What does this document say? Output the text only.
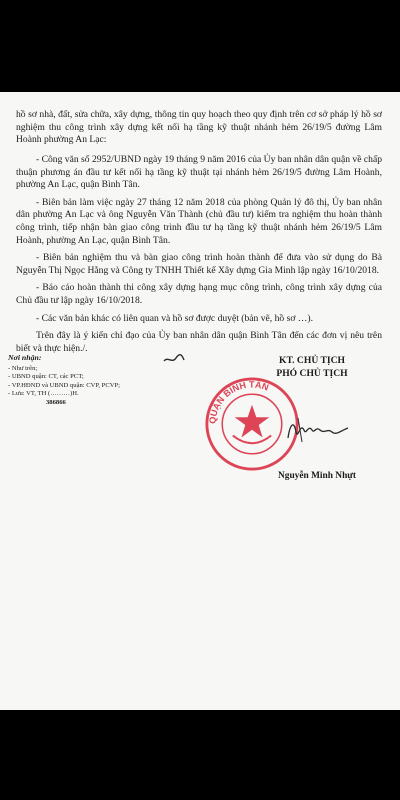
hồ sơ nhà, đất, sửa chữa, xây dựng, thông tin quy hoạch theo quy định trên cơ sở pháp lý hồ sơ nghiệm thu công trình xây dựng kết nối hạ tầng kỹ thuật nhánh hẻm 26/19/5 đường Lâm Hoành phường An Lạc:

- Công văn số 2952/UBND ngày 19 tháng 9 năm 2016 của Ủy ban nhân dân quận về chấp thuận phương án đầu tư kết nối hạ tầng kỹ thuật tại nhánh hẻm 26/19/5 đường Lâm Hoành, phường An Lạc, quận Bình Tân.

- Biên bản làm việc ngày 27 tháng 12 năm 2018 của phòng Quản lý đô thị, Ủy ban nhân dân phường An Lạc và ông Nguyễn Văn Thành (chủ đầu tư) kiểm tra nghiệm thu hoàn thành công trình, tiếp nhận bàn giao công trình đầu tư hạ tầng kỹ thuật nhánh hẻm 26/19/5 Lâm Hoành, phường An Lạc, quận Bình Tân.

- Biên bản nghiệm thu và bàn giao công trình hoàn thành để đưa vào sử dụng do Bà Nguyễn Thị Ngọc Hằng và Công ty TNHH Thiết kế Xây dựng Gia Minh lập ngày 16/10/2018.

- Báo cáo hoàn thành thi công xây dựng hạng mục công trình, công trình xây dựng của Chủ đầu tư lập ngày 16/10/2018.

- Các văn bản khác có liên quan và hồ sơ được duyệt (bản vẽ, hồ sơ …).

Trên đây là ý kiến chỉ đạo của Ủy ban nhân dân quận Bình Tân đến các đơn vị nêu trên biết và thực hiện./.

Nơi nhận:
- Như trên;
- UBND quận: CT, các PCT;
- VP.HĐND và UBND quận: CVP, PCVP;
- Lưu: VT, TH (………)H.
386866
KT. CHỦ TỊCH
PHÓ CHỦ TỊCH
QUẬN BÌNH TÂN
Nguyễn Minh Nhựt
